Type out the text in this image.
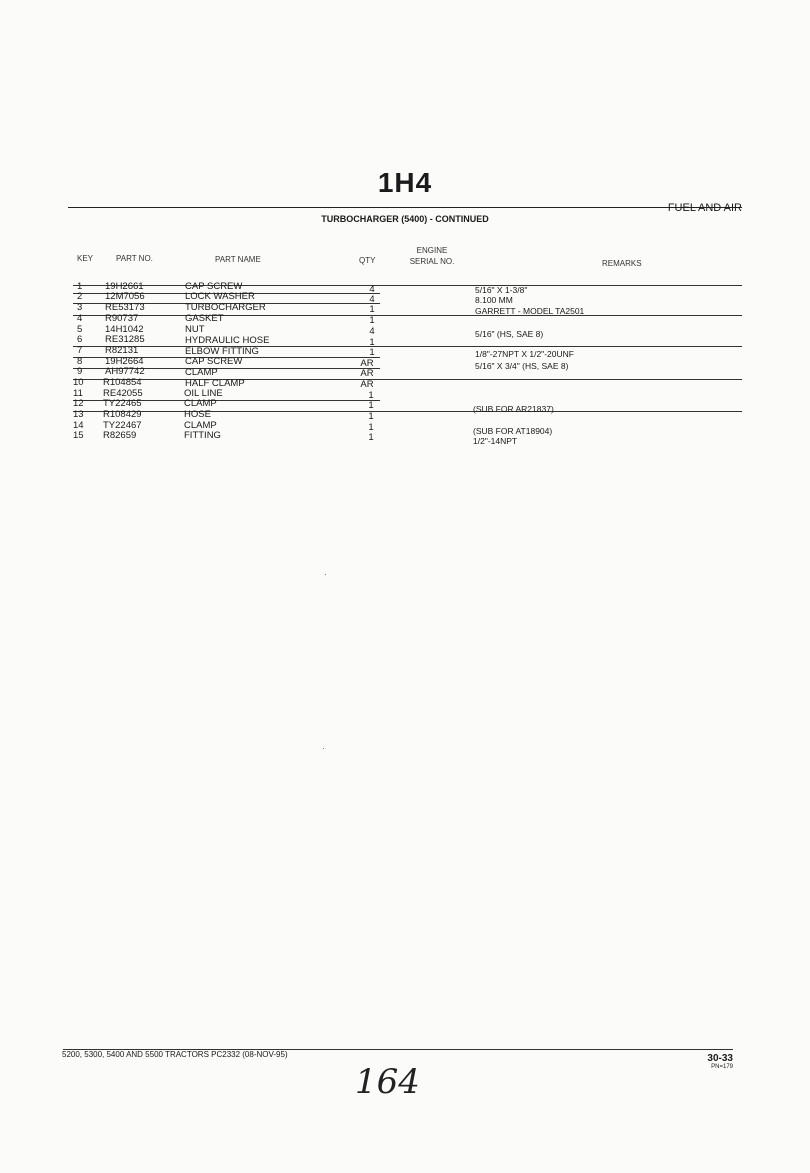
1H4
FUEL AND AIR
TURBOCHARGER (5400) - CONTINUED
KEY	PART NO.	PART NAME	QTY
ENGINE
SERIAL NO.	REMARKS
1 19H2661	CAP SCREW	4	5/16" X 1-3/8"
2 12M7056	LOCK WASHER	4	8.100 MM
3 RE53173	TURBOCHARGER	1	GARRETT - MODEL TA2501
4 R90737	GASKET	1
5 14H1042	NUT	4	5/16" (HS, SAE 8)
6 RE31285	HYDRAULIC HOSE	1
7 R82131	ELBOW FITTING	1	1/8"-27NPT X 1/2"-20UNF
8 19H2664	CAP SCREW	AR	5/16" X 3/4" (HS, SAE 8)
9 AH97742	CLAMP	AR
10 R104854	HALF CLAMP	AR
11 RE42055	OIL LINE	1
12 TY22465	CLAMP	1	(SUB FOR AR21837)
13 R108429	HOSE	1
14 TY22467	CLAMP	1	(SUB FOR AT18904)
15 R82659	FITTING	1	1/2"-14NPT
5200, 5300, 5400 AND 5500 TRACTORS PC2332 (08-NOV-95)
164
30-33
PN=179
